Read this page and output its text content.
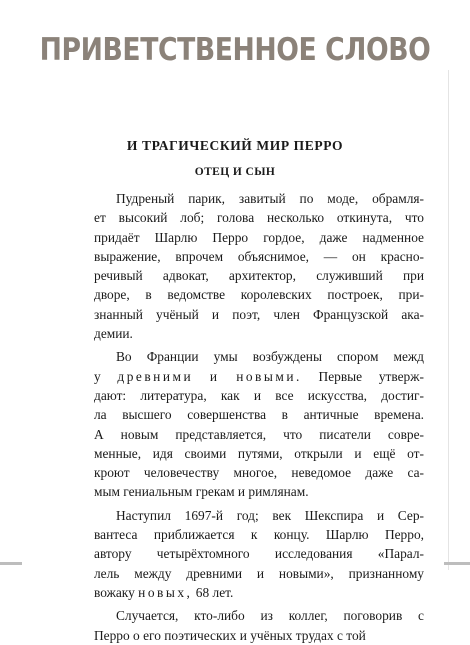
ПРИВЕТСТВЕННОЕ СЛОВО
И ТРАГИЧЕСКИЙ МИР ПЕРРО
ОТЕЦ И СЫН
Пудреный парик, завитый по моде, обрамля-
ет высокий лоб; голова несколько откинута, что
придаёт Шарлю Перро гордое, даже надменное
выражение, впрочем объяснимое, — он красно-
речивый адвокат, архитектор, служивший при
дворе, в ведомстве королевских построек, при-
знанный учёный и поэт, член Французской ака-
демии.
Во Франции умы возбуждены спором межд
у древними и новыми. Первые утверж-
дают: литература, как и все искусства, достиг-
ла высшего совершенства в античные времена.
А новым представляется, что писатели совре-
менные, идя своими путями, открыли и ещё от-
кроют человечеству многое, неведомое даже са-
мым гениальным грекам и римлянам.
Наступил 1697-й год; век Шекспира и Сер-
вантеса приближается к концу. Шарлю Перро,
автору четырёхтомного исследования «Парал-
лель между древними и новыми», признанному
вожаку новых, 68 лет.
Случается, кто-либо из коллег, поговорив с
Перро о его поэтических и учёных трудах с той
